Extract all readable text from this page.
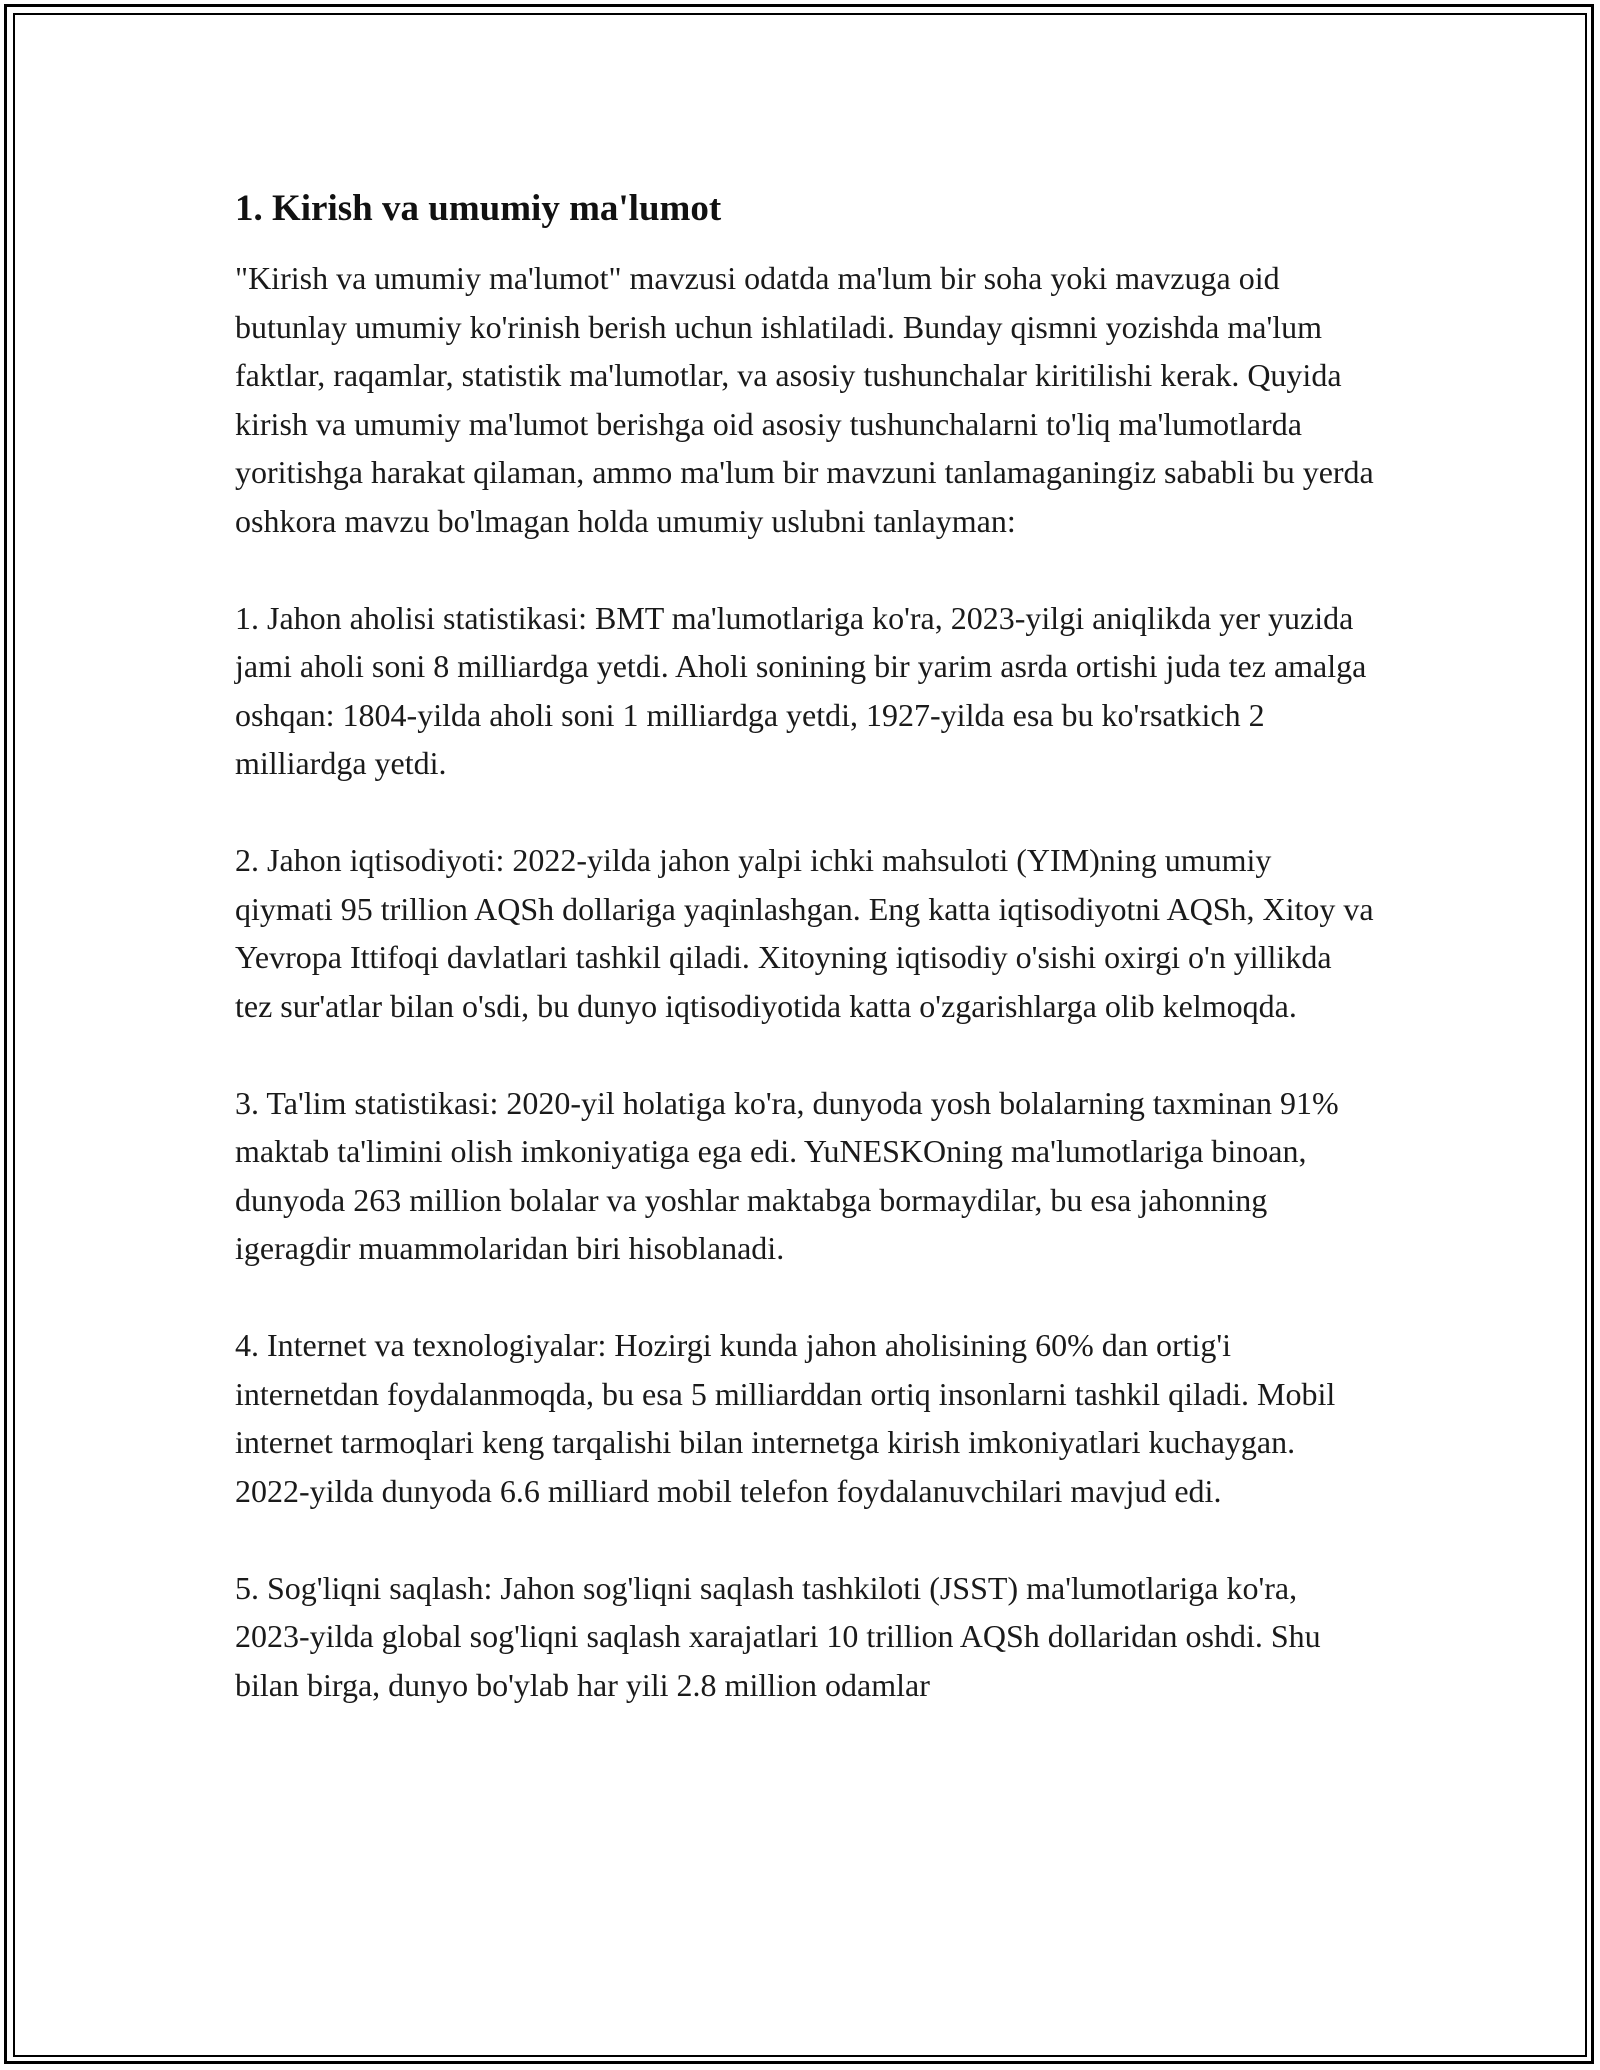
1. Kirish va umumiy ma'lumot

"Kirish va umumiy ma'lumot" mavzusi odatda ma'lum bir soha yoki mavzuga oid butunlay umumiy ko'rinish berish uchun ishlatiladi. Bunday qismni yozishda ma'lum faktlar, raqamlar, statistik ma'lumotlar, va asosiy tushunchalar kiritilishi kerak. Quyida kirish va umumiy ma'lumot berishga oid asosiy tushunchalarni to'liq ma'lumotlarda yoritishga harakat qilaman, ammo ma'lum bir mavzuni tanlamaganingiz sababli bu yerda oshkora mavzu bo'lmagan holda umumiy uslubni tanlayman:

1. Jahon aholisi statistikasi: BMT ma'lumotlariga ko'ra, 2023-yilgi aniqlikda yer yuzida jami aholi soni 8 milliardga yetdi. Aholi sonining bir yarim asrda ortishi juda tez amalga oshqan: 1804-yilda aholi soni 1 milliardga yetdi, 1927-yilda esa bu ko'rsatkich 2 milliardga yetdi.

2. Jahon iqtisodiyoti: 2022-yilda jahon yalpi ichki mahsuloti (YIM)ning umumiy qiymati 95 trillion AQSh dollariga yaqinlashgan. Eng katta iqtisodiyotni AQSh, Xitoy va Yevropa Ittifoqi davlatlari tashkil qiladi. Xitoyning iqtisodiy o'sishi oxirgi o'n yillikda tez sur'atlar bilan o'sdi, bu dunyo iqtisodiyotida katta o'zgarishlarga olib kelmoqda.

3. Ta'lim statistikasi: 2020-yil holatiga ko'ra, dunyoda yosh bolalarning taxminan 91% maktab ta'limini olish imkoniyatiga ega edi. YuNESKOning ma'lumotlariga binoan, dunyoda 263 million bolalar va yoshlar maktabga bormaydilar, bu esa jahonning igeragdir muammolaridan biri hisoblanadi.

4. Internet va texnologiyalar: Hozirgi kunda jahon aholisining 60% dan ortig'i internetdan foydalanmoqda, bu esa 5 milliarddan ortiq insonlarni tashkil qiladi. Mobil internet tarmoqlari keng tarqalishi bilan internetga kirish imkoniyatlari kuchaygan. 2022-yilda dunyoda 6.6 milliard mobil telefon foydalanuvchilari mavjud edi.

5. Sog'liqni saqlash: Jahon sog'liqni saqlash tashkiloti (JSST) ma'lumotlariga ko'ra, 2023-yilda global sog'liqni saqlash xarajatlari 10 trillion AQSh dollaridan oshdi. Shu bilan birga, dunyo bo'ylab har yili 2.8 million odamlar
